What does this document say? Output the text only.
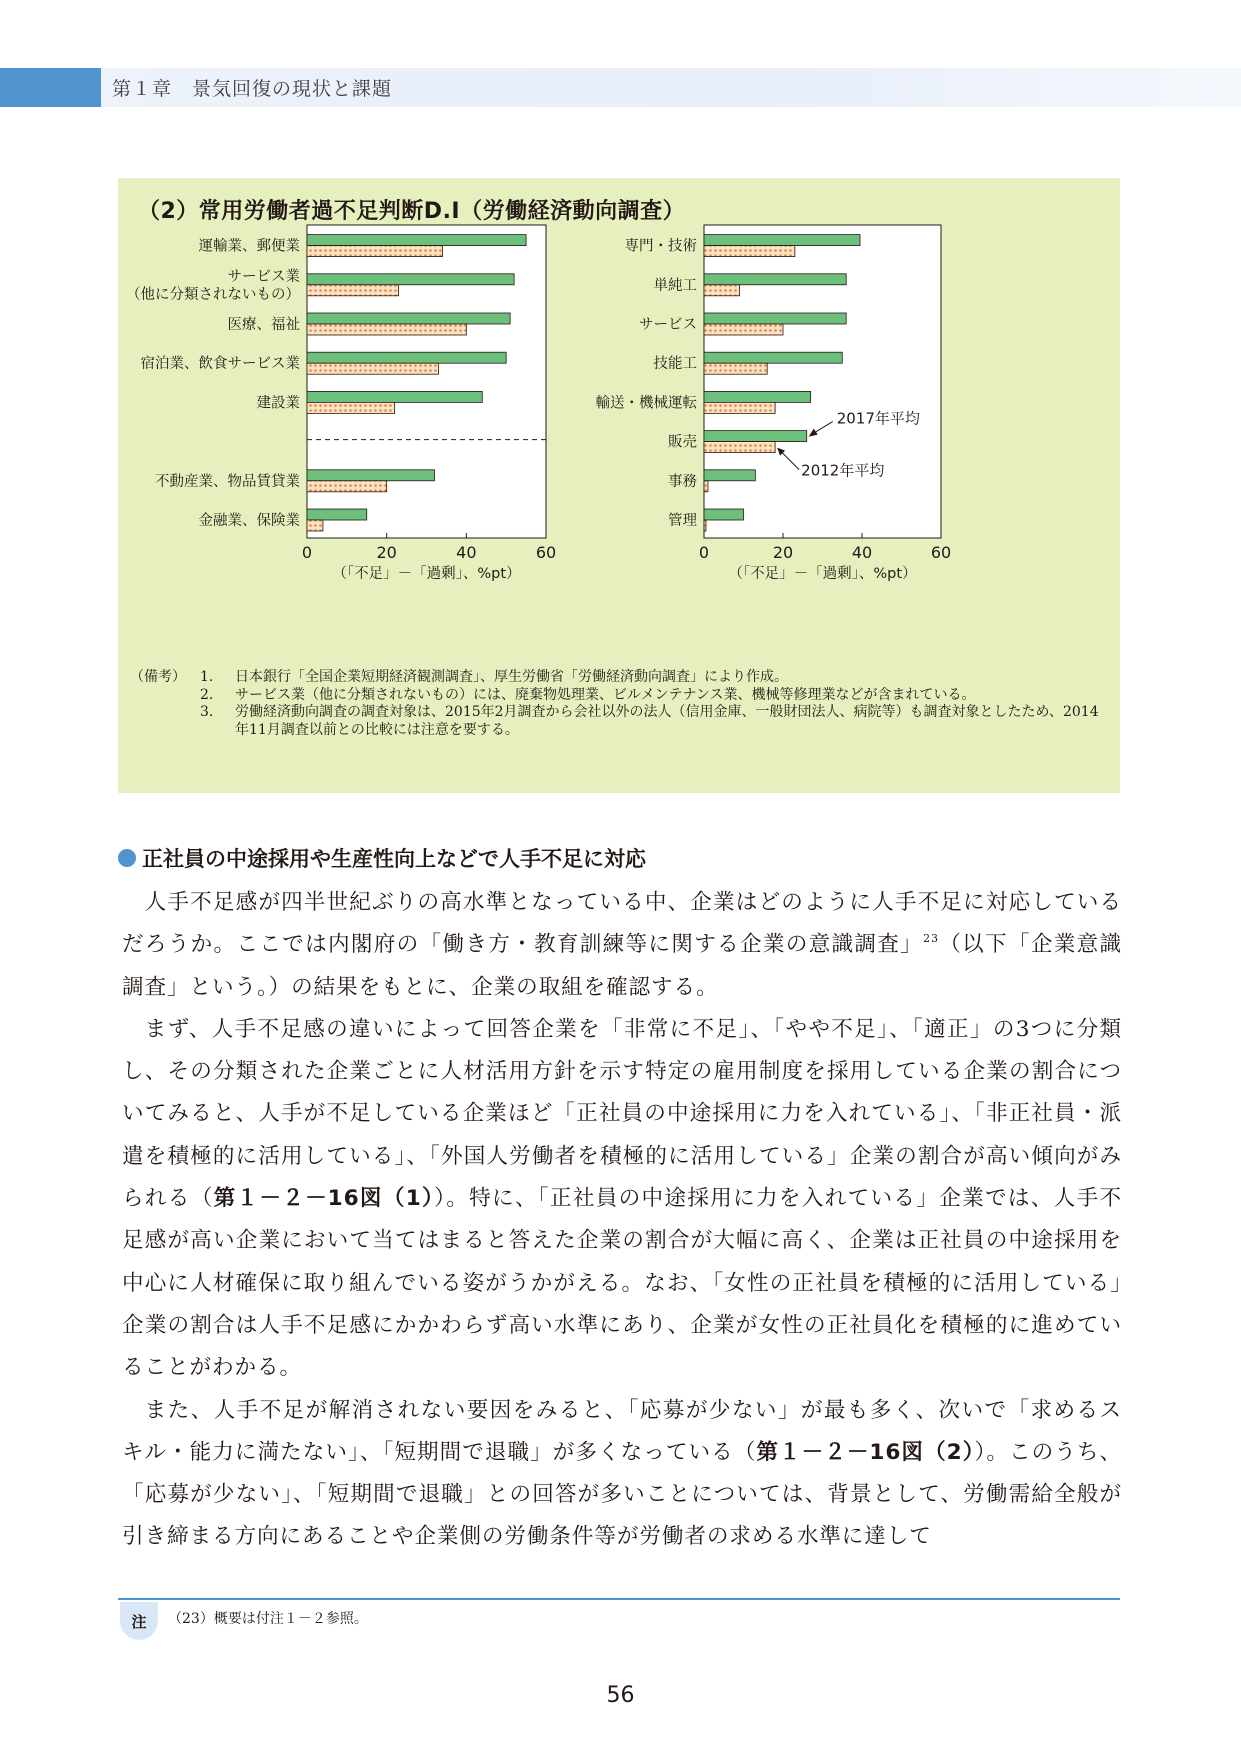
第１章　景気回復の現状と課題
（2）常用労働者過不足判断D.I（労働経済動向調査）
運輸業、郵便業
サービス業
（他に分類されないもの）
医療、福祉
宿泊業、飲食サービス業
建設業
不動産業、物品賃貸業
金融業、保険業
0	20	40	60
（「不足」－「過剰」、%pt）
専門・技術
単純工
サービス
技能工
輸送・機械運転
販売
事務
管理
0	20	40	60
（「不足」－「過剰」、%pt）
2017年平均
2012年平均
（備考）	1.	日本銀行「全国企業短期経済観測調査」、厚生労働省「労働経済動向調査」により作成。
2.	サービス業（他に分類されないもの）には、廃棄物処理業、ビルメンテナンス業、機械等修理業などが含まれている。
3.	労働経済動向調査の調査対象は、2015年2月調査から会社以外の法人（信用金庫、一般財団法人、病院等）も調査対象としたため、2014年11月調査以前との比較には注意を要する。
正社員の中途採用や生産性向上などで人手不足に対応

人手不足感が四半世紀ぶりの高水準となっている中、企業はどのように人手不足に対応しているだろうか。ここでは内閣府の「働き方・教育訓練等に関する企業の意識調査」$^{23}$（以下「企業意識調査」という。）の結果をもとに、企業の取組を確認する。

まず、人手不足感の違いによって回答企業を「非常に不足」、「やや不足」、「適正」の3つに分類し、その分類された企業ごとに人材活用方針を示す特定の雇用制度を採用している企業の割合についてみると、人手が不足している企業ほど「正社員の中途採用に力を入れている」、「非正社員・派遣を積極的に活用している」、「外国人労働者を積極的に活用している」企業の割合が高い傾向がみられる（第１－２－16図（1））。特に、「正社員の中途採用に力を入れている」企業では、人手不足感が高い企業において当てはまると答えた企業の割合が大幅に高く、企業は正社員の中途採用を中心に人材確保に取り組んでいる姿がうかがえる。なお、「女性の正社員を積極的に活用している」企業の割合は人手不足感にかかわらず高い水準にあり、企業が女性の正社員化を積極的に進めていることがわかる。

また、人手不足が解消されない要因をみると、「応募が少ない」が最も多く、次いで「求めるスキル・能力に満たない」、「短期間で退職」が多くなっている（第１－２－16図（2））。このうち、「応募が少ない」、「短期間で退職」との回答が多いことについては、背景として、労働需給全般が引き締まる方向にあることや企業側の労働条件等が労働者の求める水準に達して

注	（23）概要は付注１－２参照。
56
